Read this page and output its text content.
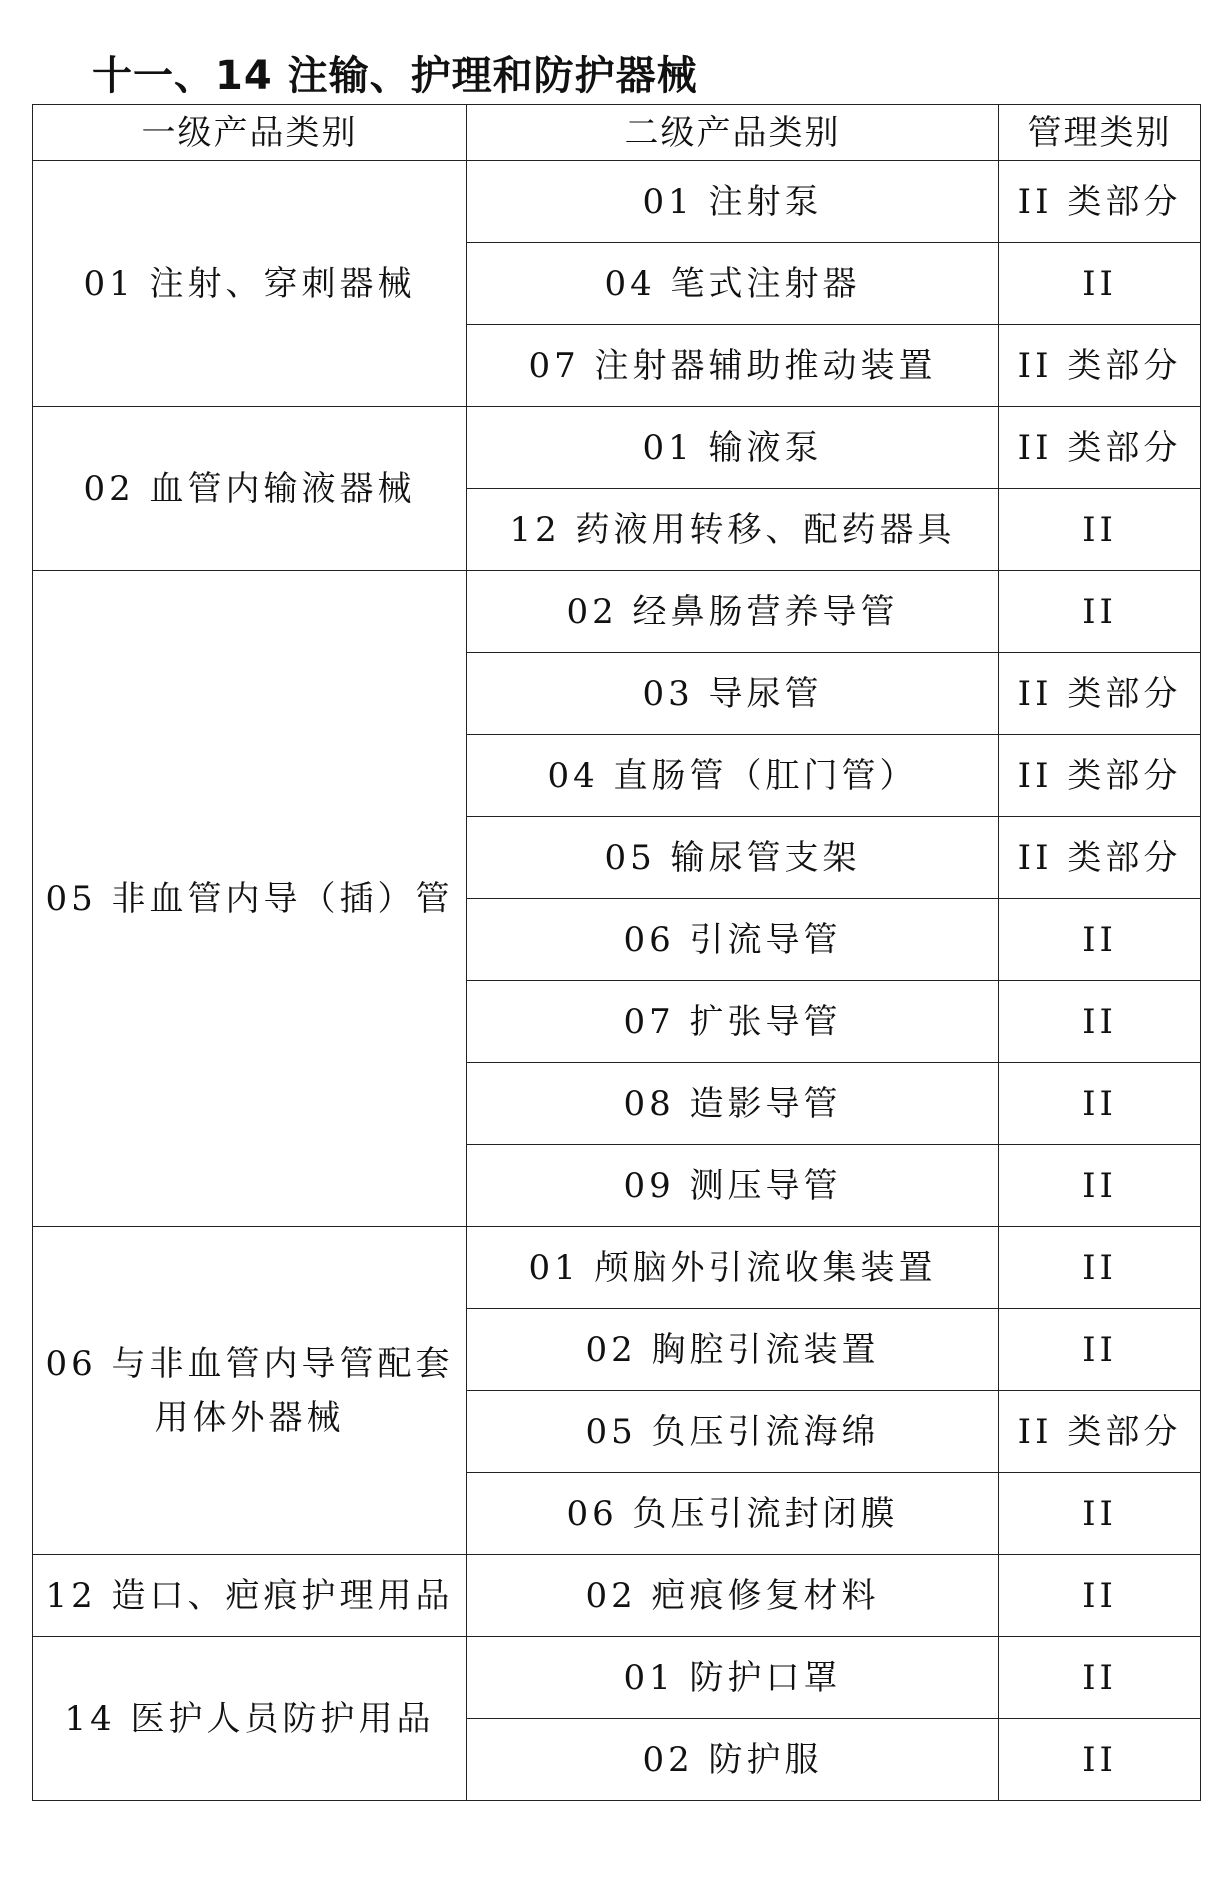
十一、14 注输、护理和防护器械
一级产品类别	二级产品类别	管理类别
01 注射、穿刺器械	01 注射泵	II 类部分
	04 笔式注射器	II
	07 注射器辅助推动装置	II 类部分
02 血管内输液器械	01 输液泵	II 类部分
	12 药液用转移、配药器具	II
05 非血管内导（插）管	02 经鼻肠营养导管	II
	03 导尿管	II 类部分
	04 直肠管（肛门管）	II 类部分
	05 输尿管支架	II 类部分
	06 引流导管	II
	07 扩张导管	II
	08 造影导管	II
	09 测压导管	II
06 与非血管内导管配套用体外器械	01 颅脑外引流收集装置	II
	02 胸腔引流装置	II
	05 负压引流海绵	II 类部分
	06 负压引流封闭膜	II
12 造口、疤痕护理用品	02 疤痕修复材料	II
14 医护人员防护用品	01 防护口罩	II
	02 防护服	II
